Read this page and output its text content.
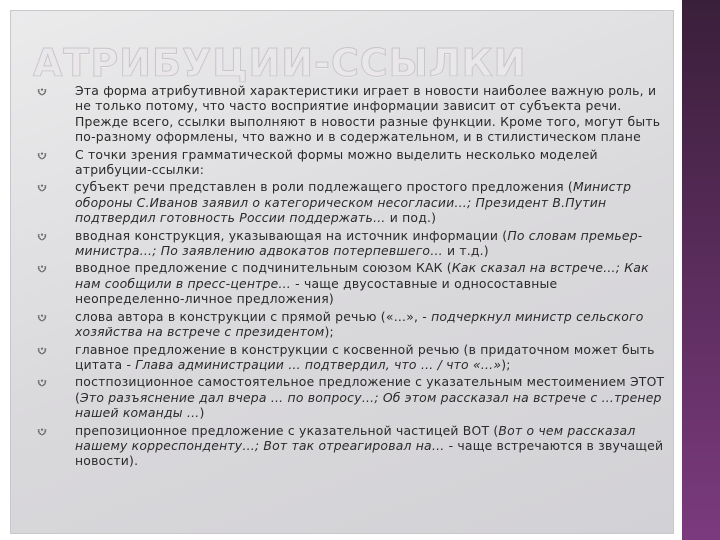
АТРИБУЦИИ-ССЫЛКИ
Эта форма атрибутивной характеристики играет в новости наиболее важную роль, и не только потому, что часто восприятие информации зависит от субъекта речи. Прежде всего, ссылки выполняют в новости разные функции. Кроме того, могут быть по-разному оформлены, что важно и в содержательном, и в стилистическом плане
С точки зрения грамматической формы можно выделить несколько моделей атрибуции-ссылки:
субъект речи представлен в роли подлежащего простого предложения (Министр обороны С.Иванов заявил о категорическом несогласии…; Президент В.Путин подтвердил готовность России поддержать… и под.)
вводная конструкция, указывающая на источник информации (По словам премьер-министра…; По заявлению адвокатов потерпевшего… и т.д.)
вводное предложение с подчинительным союзом КАК (Как сказал на встрече…; Как нам сообщили в пресс-центре… - чаще двусоставные и односоставные неопределенно-личное предложения)
слова автора в конструкции с прямой речью («…», - подчеркнул министр сельского хозяйства на встрече с президентом);
главное предложение в конструкции с косвенной речью (в придаточном может быть цитата - Глава администрации … подтвердил, что … / что «…»);
постпозиционное самостоятельное предложение с указательным местоимением ЭТОТ (Это разъяснение дал вчера … по вопросу…; Об этом рассказал на встрече с …тренер нашей команды …)
препозиционное предложение с указательной частицей ВОТ (Вот о чем рассказал нашему корреспонденту…; Вот так отреагировал на… - чаще встречаются в звучащей новости).
